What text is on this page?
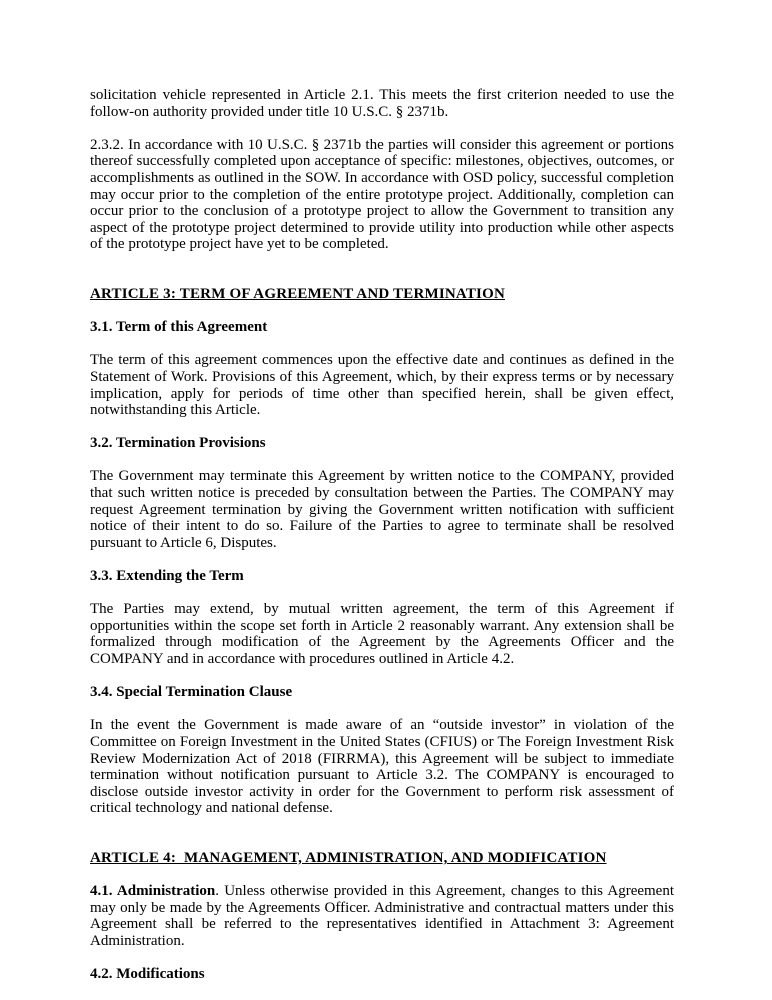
solicitation vehicle represented in Article 2.1. This meets the first criterion needed to use the follow-on authority provided under title 10 U.S.C. § 2371b.

2.3.2. In accordance with 10 U.S.C. § 2371b the parties will consider this agreement or portions thereof successfully completed upon acceptance of specific: milestones, objectives, outcomes, or accomplishments as outlined in the SOW. In accordance with OSD policy, successful completion may occur prior to the completion of the entire prototype project. Additionally, completion can occur prior to the conclusion of a prototype project to allow the Government to transition any aspect of the prototype project determined to provide utility into production while other aspects of the prototype project have yet to be completed.

ARTICLE 3: TERM OF AGREEMENT AND TERMINATION
3.1. Term of this Agreement

The term of this agreement commences upon the effective date and continues as defined in the Statement of Work. Provisions of this Agreement, which, by their express terms or by necessary implication, apply for periods of time other than specified herein, shall be given effect, notwithstanding this Article.

3.2. Termination Provisions

The Government may terminate this Agreement by written notice to the COMPANY, provided that such written notice is preceded by consultation between the Parties. The COMPANY may request Agreement termination by giving the Government written notification with sufficient notice of their intent to do so. Failure of the Parties to agree to terminate shall be resolved pursuant to Article 6, Disputes.

3.3. Extending the Term

The Parties may extend, by mutual written agreement, the term of this Agreement if opportunities within the scope set forth in Article 2 reasonably warrant. Any extension shall be formalized through modification of the Agreement by the Agreements Officer and the COMPANY and in accordance with procedures outlined in Article 4.2.

3.4. Special Termination Clause

In the event the Government is made aware of an “outside investor” in violation of the Committee on Foreign Investment in the United States (CFIUS) or The Foreign Investment Risk Review Modernization Act of 2018 (FIRRMA), this Agreement will be subject to immediate termination without notification pursuant to Article 3.2. The COMPANY is encouraged to disclose outside investor activity in order for the Government to perform risk assessment of critical technology and national defense.

ARTICLE 4:  MANAGEMENT, ADMINISTRATION, AND MODIFICATION

4.1. Administration. Unless otherwise provided in this Agreement, changes to this Agreement may only be made by the Agreements Officer. Administrative and contractual matters under this Agreement shall be referred to the representatives identified in Attachment 3: Agreement Administration.

4.2. Modifications
